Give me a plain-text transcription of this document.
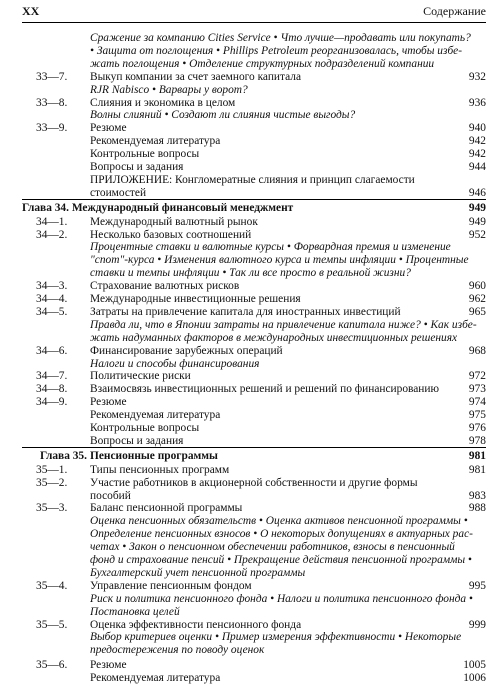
XX	Содержание
Сражение за компанию Cities Service • Что лучше—продавать или покупать?
• Защита от поглощения • Phillips Petroleum реорганизовалась, чтобы избе-
жать поглощения • Отделение структурных подразделений компании
33—7. Выкуп компании за счет заемного капитала	932
RJR Nabisco • Варвары у ворот?
33—8. Слияния и экономика в целом	936
Волны слияний • Создают ли слияния чистые выгоды?
33—9. Резюме	940
Рекомендуемая литература	942
Контрольные вопросы	942
Вопросы и задания	944
ПРИЛОЖЕНИЕ: Конгломератные слияния и принцип слагаемости
стоимостей	946
Глава 34. Международный финансовый менеджмент	949
34—1. Международный валютный рынок	949
34—2. Несколько базовых соотношений	952
Процентные ставки и валютные курсы • Форвардная премия и изменение
"спот"-курса • Изменения валютного курса и темпы инфляции • Процентные
ставки и темпы инфляции • Так ли все просто в реальной жизни?
34—3. Страхование валютных рисков	960
34—4. Международные инвестиционные решения	962
34—5. Затраты на привлечение капитала для иностранных инвестиций	965
Правда ли, что в Японии затраты на привлечение капитала ниже? • Как избе-
жать надуманных факторов в международных инвестиционных решениях
34—6. Финансирование зарубежных операций	968
Налоги и способы финансирования
34—7. Политические риски	972
34—8. Взаимосвязь инвестиционных решений и решений по финансированию	973
34—9. Резюме	974
Рекомендуемая литература	975
Контрольные вопросы	976
Вопросы и задания	978
Глава 35. Пенсионные программы	981
35—1. Типы пенсионных программ	981
35—2. Участие работников в акционерной собственности и другие формы
пособий	983
35—3. Баланс пенсионной программы	988
Оценка пенсионных обязательств • Оценка активов пенсионной программы •
Определение пенсионных взносов • О некоторых допущениях в актуарных рас-
четах • Закон о пенсионном обеспечении работников, взносы в пенсионный
фонд и страхование пенсий • Прекращение действия пенсионной программы •
Бухгалтерский учет пенсионной программы
35—4. Управление пенсионным фондом	995
Риск и политика пенсионного фонда • Налоги и политика пенсионного фонда •
Постановка целей
35—5. Оценка эффективности пенсионного фонда	999
Выбор критериев оценки • Пример измерения эффективности • Некоторые
предостережения по поводу оценок
35—6. Резюме	1005
Рекомендуемая литература	1006
